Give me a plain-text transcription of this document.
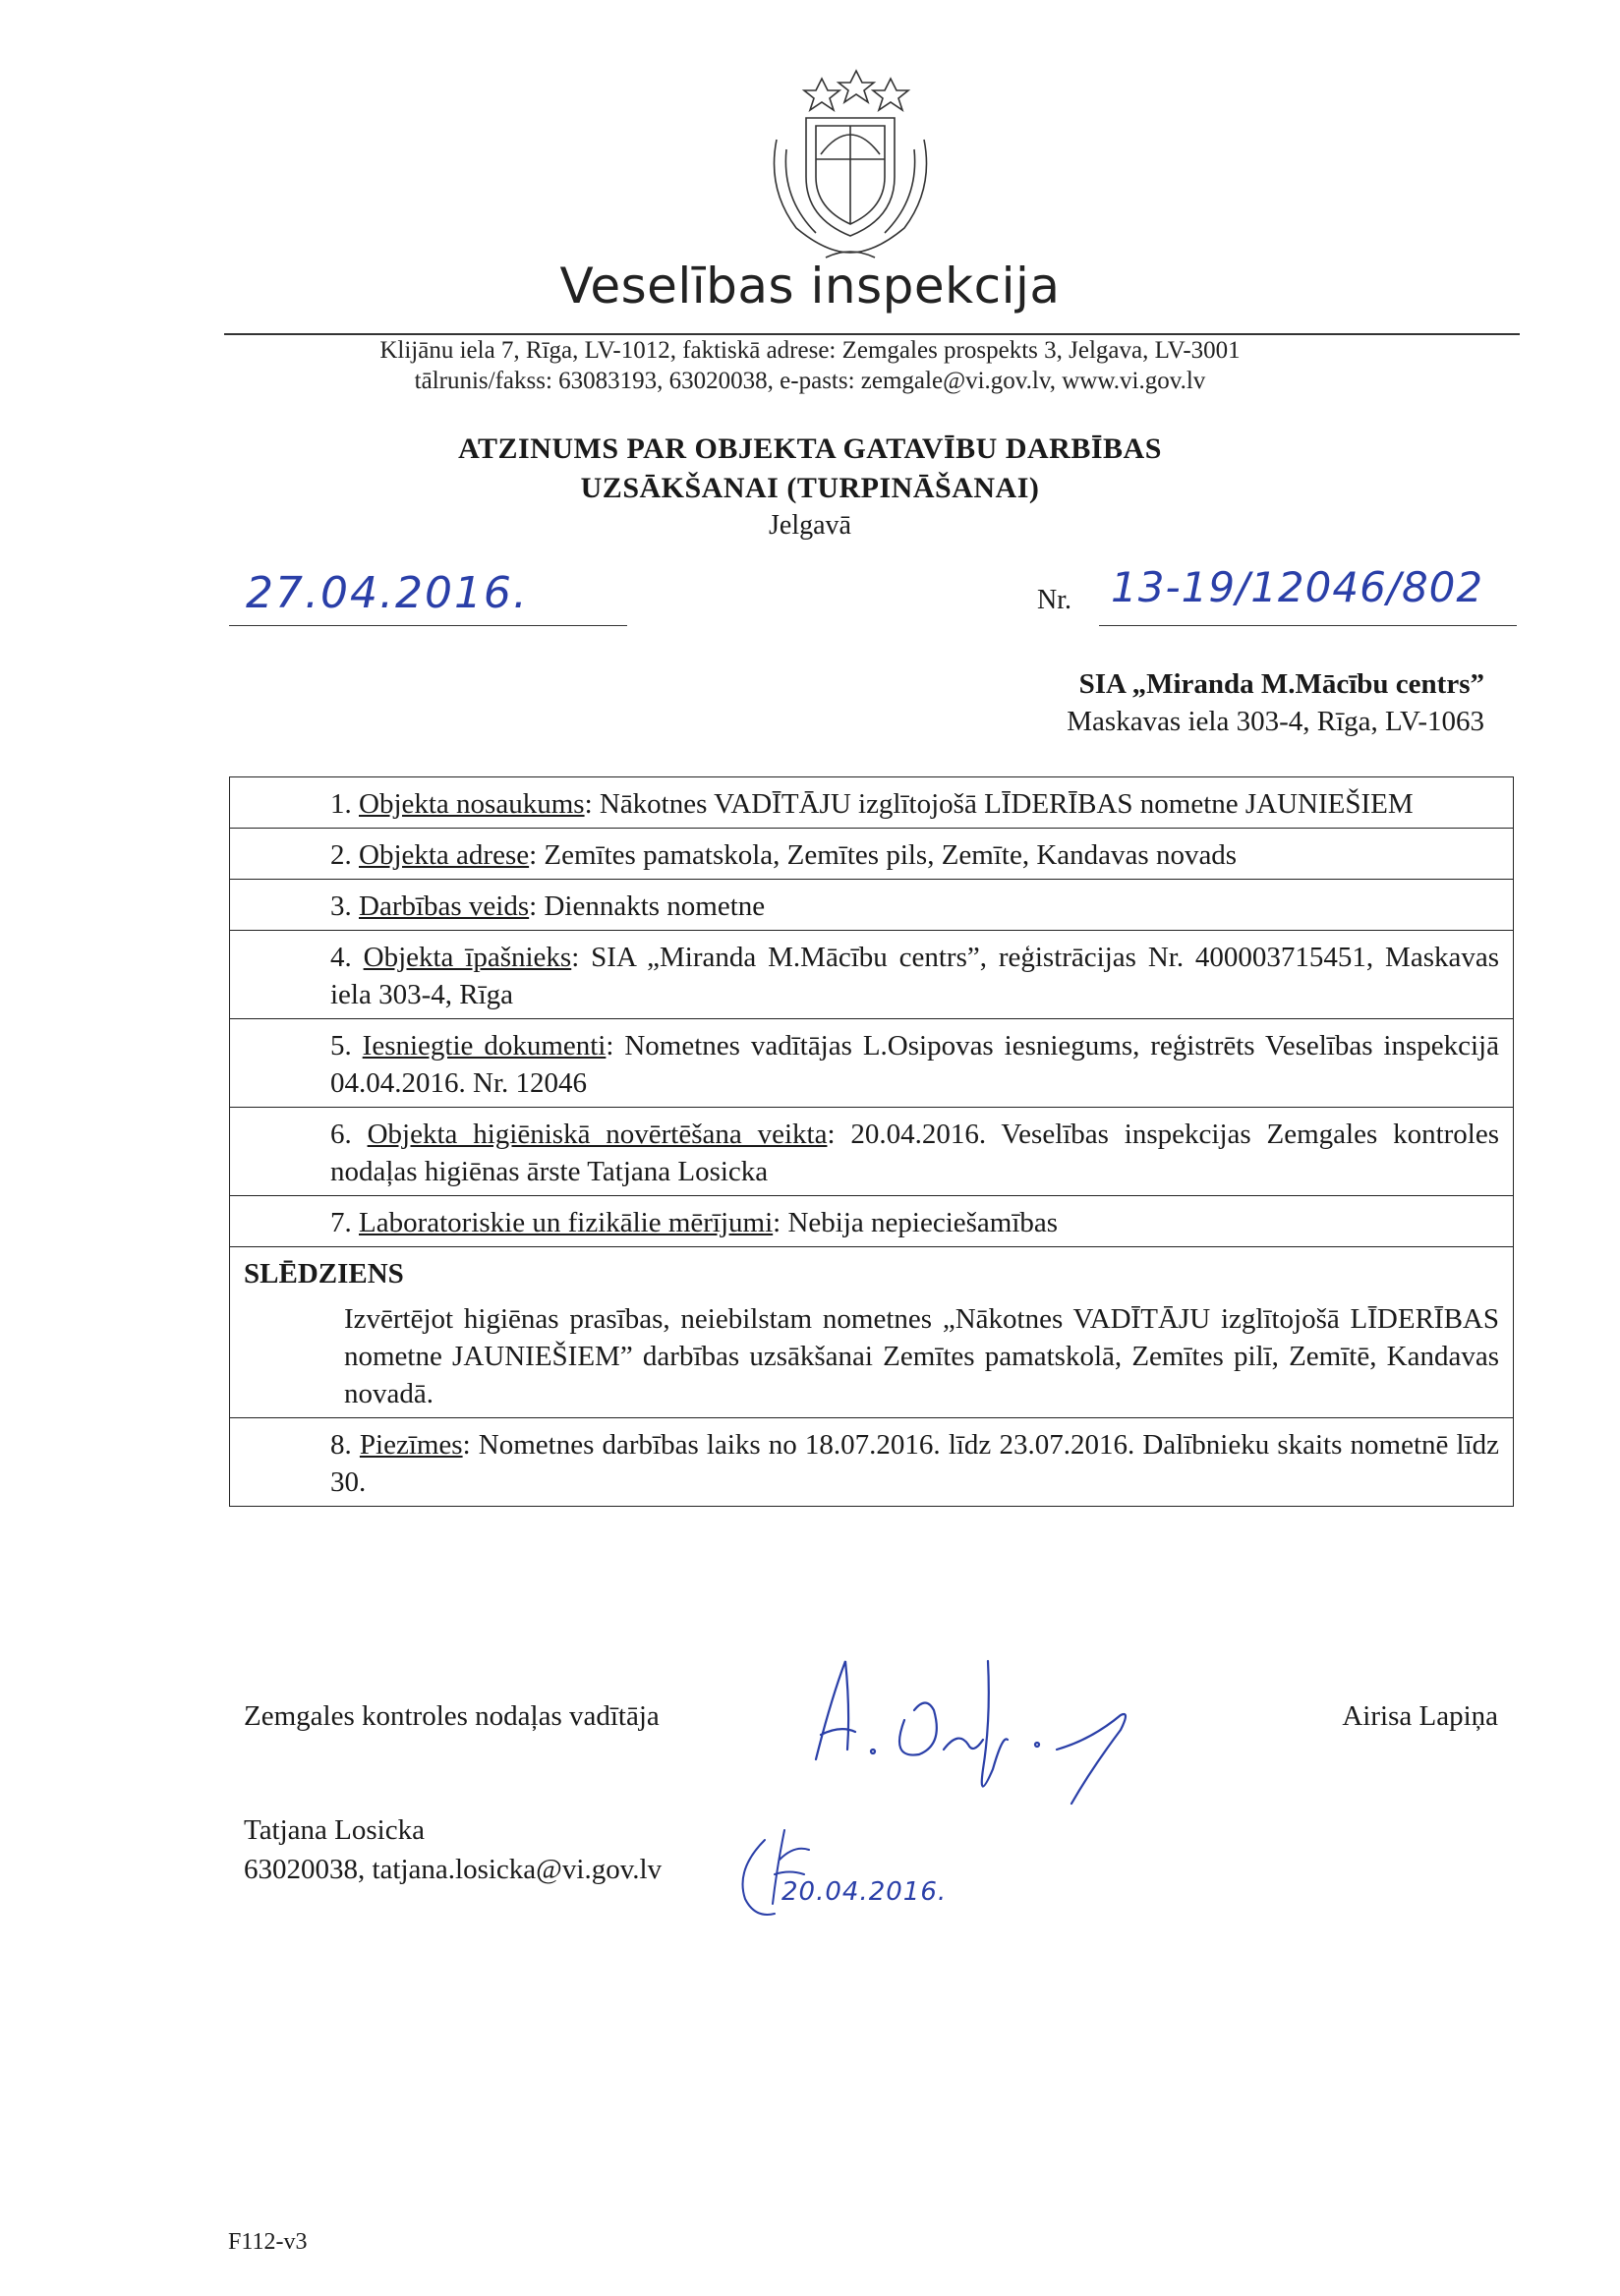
Veselības inspekcija
Klijānu iela 7, Rīga, LV-1012, faktiskā adrese: Zemgales prospekts 3, Jelgava, LV-3001
tālrunis/fakss: 63083193, 63020038, e-pasts: zemgale@vi.gov.lv, www.vi.gov.lv
ATZINUMS PAR OBJEKTA GATAVĪBU DARBĪBAS
UZSĀKŠANAI (TURPINĀŠANAI)
Jelgavā
27.04.2016.	Nr. 13-19/12046/802
SIA „Miranda M.Mācību centrs”
Maskavas iela 303-4, Rīga, LV-1063
1. Objekta nosaukums: Nākotnes VADĪTĀJU izglītojošā LĪDERĪBAS nometne JAUNIEŠIEM
2. Objekta adrese: Zemītes pamatskola, Zemītes pils, Zemīte, Kandavas novads
3. Darbības veids: Diennakts nometne
4. Objekta īpašnieks: SIA „Miranda M.Mācību centrs”, reģistrācijas Nr. 400003715451, Maskavas iela 303-4, Rīga
5. Iesniegtie dokumenti: Nometnes vadītājas L.Osipovas iesniegums, reģistrēts Veselības inspekcijā 04.04.2016. Nr. 12046
6. Objekta higiēniskā novērtēšana veikta: 20.04.2016. Veselības inspekcijas Zemgales kontroles nodaļas higiēnas ārste Tatjana Losicka
7. Laboratoriskie un fizikālie mērījumi: Nebija nepieciešamības
SLĒDZIENS
Izvērtējot higiēnas prasības, neiebilstam nometnes „Nākotnes VADĪTĀJU izglītojošā LĪDERĪBAS nometne JAUNIEŠIEM” darbības uzsākšanai Zemītes pamatskolā, Zemītes pilī, Zemītē, Kandavas novadā.
8. Piezīmes: Nometnes darbības laiks no 18.07.2016. līdz 23.07.2016. Dalībnieku skaits nometnē līdz 30.
Zemgales kontroles nodaļas vadītāja	Airisa Lapiņa
Tatjana Losicka
63020038, tatjana.losicka@vi.gov.lv
20.04.2016.
F112-v3
